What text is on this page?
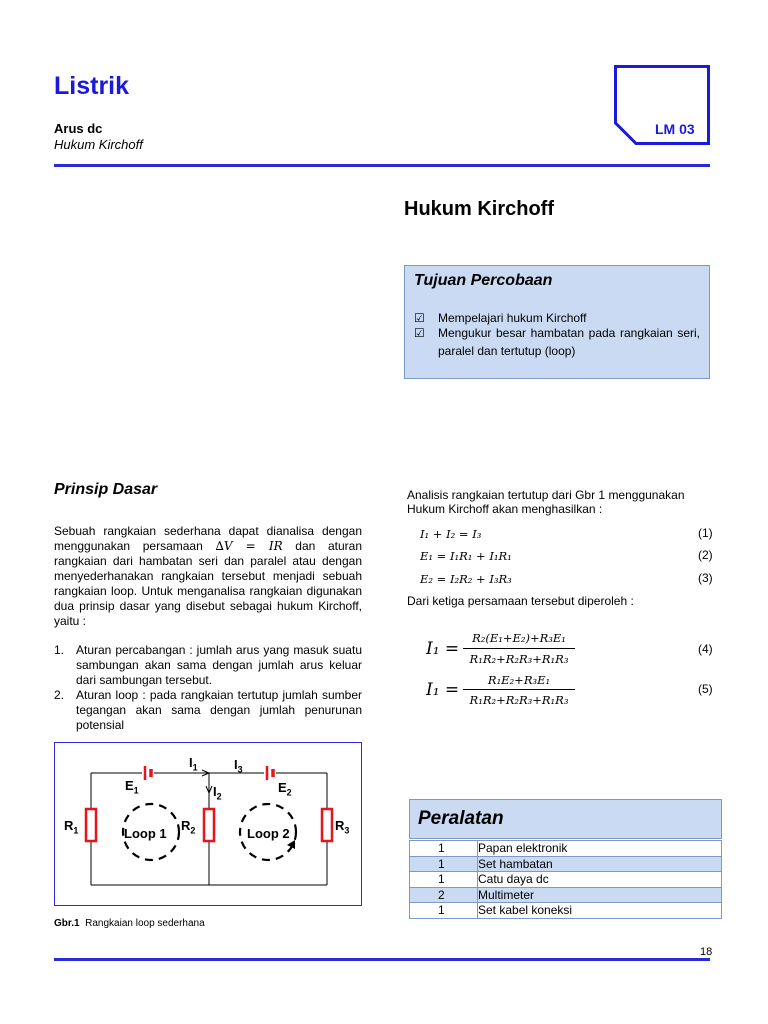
Listrik
Arus dc
Hukum Kirchoff
LM 03
Hukum Kirchoff
Tujuan Percobaan
☑ Mempelajari hukum Kirchoff
☑ Mengukur besar hambatan pada rangkaian seri, paralel dan tertutup (loop)
Prinsip Dasar
Sebuah rangkaian sederhana dapat dianalisa dengan menggunakan persamaan ∆V = IR dan aturan rangkaian dari hambatan seri dan paralel atau dengan menyederhanakan rangkaian tersebut menjadi sebuah rangkaian loop. Untuk menganalisa rangkaian digunakan dua prinsip dasar yang disebut sebagai hukum Kirchoff, yaitu :
1. Aturan percabangan : jumlah arus yang masuk suatu sambungan akan sama dengan jumlah arus keluar dari sambungan tersebut.
2. Aturan loop : pada rangkaian tertutup jumlah sumber tegangan akan sama dengan jumlah penurunan potensial
$E_1$	$E_2$
$I_1$	$I_3$
$I_2$
$R_1$	$R_2$	$R_3$
Loop 1	Loop 2
Gbr.1 Rangkaian loop sederhana
Analisis rangkaian tertutup dari Gbr 1 menggunakan Hukum Kirchoff akan menghasilkan :
I₁ + I₂ = I₃	(1)
E₁ = I₁R₁ + I₁R₁	(2)
E₂ = I₂R₂ + I₃R₃	(3)
Dari ketiga persamaan tersebut diperoleh :
I₁ =
R₂(E₁+E₂)+R₃E₁
R₁R₂+R₂R₃+R₁R₃
(4)
I₁ =	R₁E₂+R₃E₁
R₁R₂+R₂R₃+R₁R₃
(5)
Peralatan
1	Papan elektronik
1	Set hambatan
1	Catu daya dc
2	Multimeter
1	Set kabel koneksi
18
